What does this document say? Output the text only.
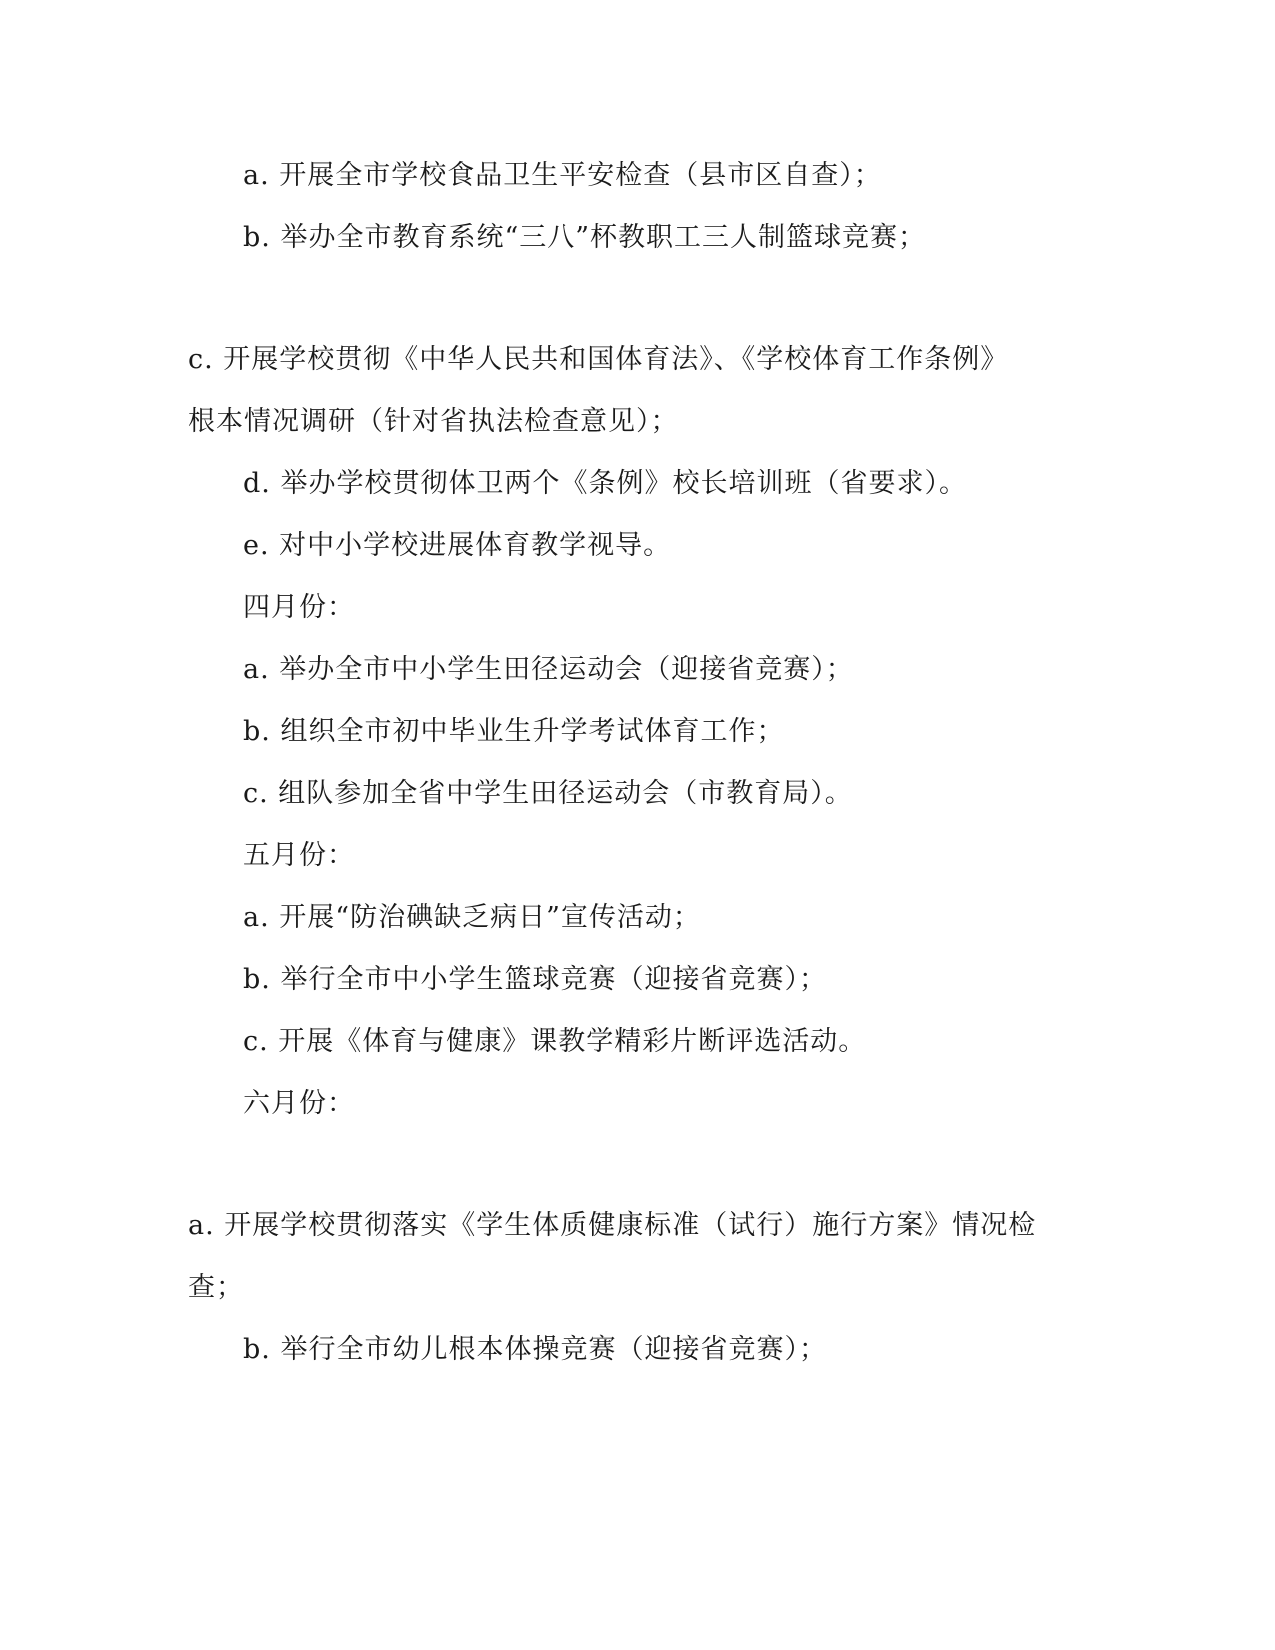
a. 开展全市学校食品卫生平安检查（县市区自查）；
b. 举办全市教育系统“三八”杯教职工三人制篮球竞赛；
c. 开展学校贯彻《中华人民共和国体育法》、《学校体育工作条例》
根本情况调研（针对省执法检查意见）；
d. 举办学校贯彻体卫两个《条例》校长培训班（省要求）。
e. 对中小学校进展体育教学视导。
四月份：
a. 举办全市中小学生田径运动会（迎接省竞赛）；
b. 组织全市初中毕业生升学考试体育工作；
c. 组队参加全省中学生田径运动会（市教育局）。
五月份：
a. 开展“防治碘缺乏病日”宣传活动；
b. 举行全市中小学生篮球竞赛（迎接省竞赛）；
c. 开展《体育与健康》课教学精彩片断评选活动。
六月份：
a. 开展学校贯彻落实《学生体质健康标准（试行）施行方案》情况检
查；
b. 举行全市幼儿根本体操竞赛（迎接省竞赛）；
